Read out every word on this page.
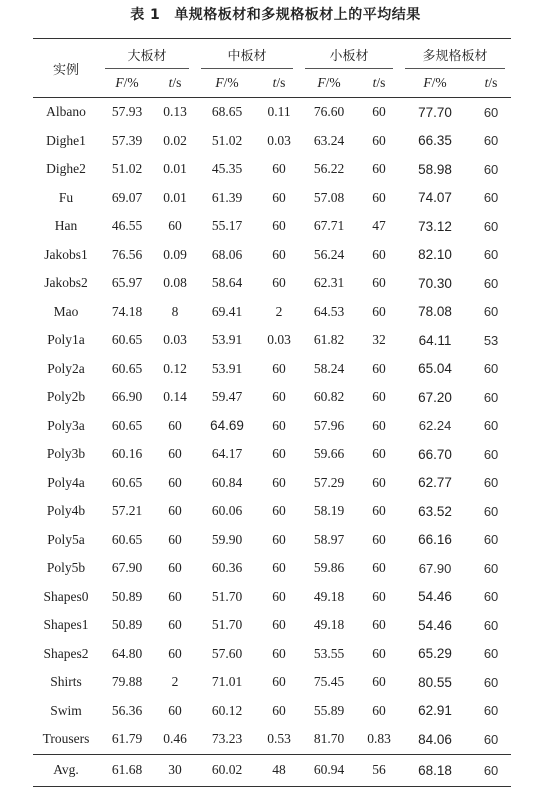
表 1 单规格板材和多规格板材上的平均结果
实例	大板材		中板材		小板材		多规格板材	

	F/%	t/s	F/%	t/s	F/%	t/s	F/%	t/s
Albano	57.93	0.13	68.65	0.11	76.60	60	77.70	60
Dighe1	57.39	0.02	51.02	0.03	63.24	60	66.35	60
Dighe2	51.02	0.01	45.35	60	56.22	60	58.98	60
Fu	69.07	0.01	61.39	60	57.08	60	74.07	60
Han	46.55	60	55.17	60	67.71	47	73.12	60
Jakobs1	76.56	0.09	68.06	60	56.24	60	82.10	60
Jakobs2	65.97	0.08	58.64	60	62.31	60	70.30	60
Mao	74.18	8	69.41	2	64.53	60	78.08	60
Poly1a	60.65	0.03	53.91	0.03	61.82	32	64.11	53
Poly2a	60.65	0.12	53.91	60	58.24	60	65.04	60
Poly2b	66.90	0.14	59.47	60	60.82	60	67.20	60
Poly3a	60.65	60	64.69	60	57.96	60	62.24	60
Poly3b	60.16	60	64.17	60	59.66	60	66.70	60
Poly4a	60.65	60	60.84	60	57.29	60	62.77	60
Poly4b	57.21	60	60.06	60	58.19	60	63.52	60
Poly5a	60.65	60	59.90	60	58.97	60	66.16	60
Poly5b	67.90	60	60.36	60	59.86	60	67.90	60
Shapes0	50.89	60	51.70	60	49.18	60	54.46	60
Shapes1	50.89	60	51.70	60	49.18	60	54.46	60
Shapes2	64.80	60	57.60	60	53.55	60	65.29	60
Shirts	79.88	2	71.01	60	75.45	60	80.55	60
Swim	56.36	60	60.12	60	55.89	60	62.91	60
Trousers	61.79	0.46	73.23	0.53	81.70	0.83	84.06	60
Avg.	61.68	30	60.02	48	60.94	56	68.18	60
